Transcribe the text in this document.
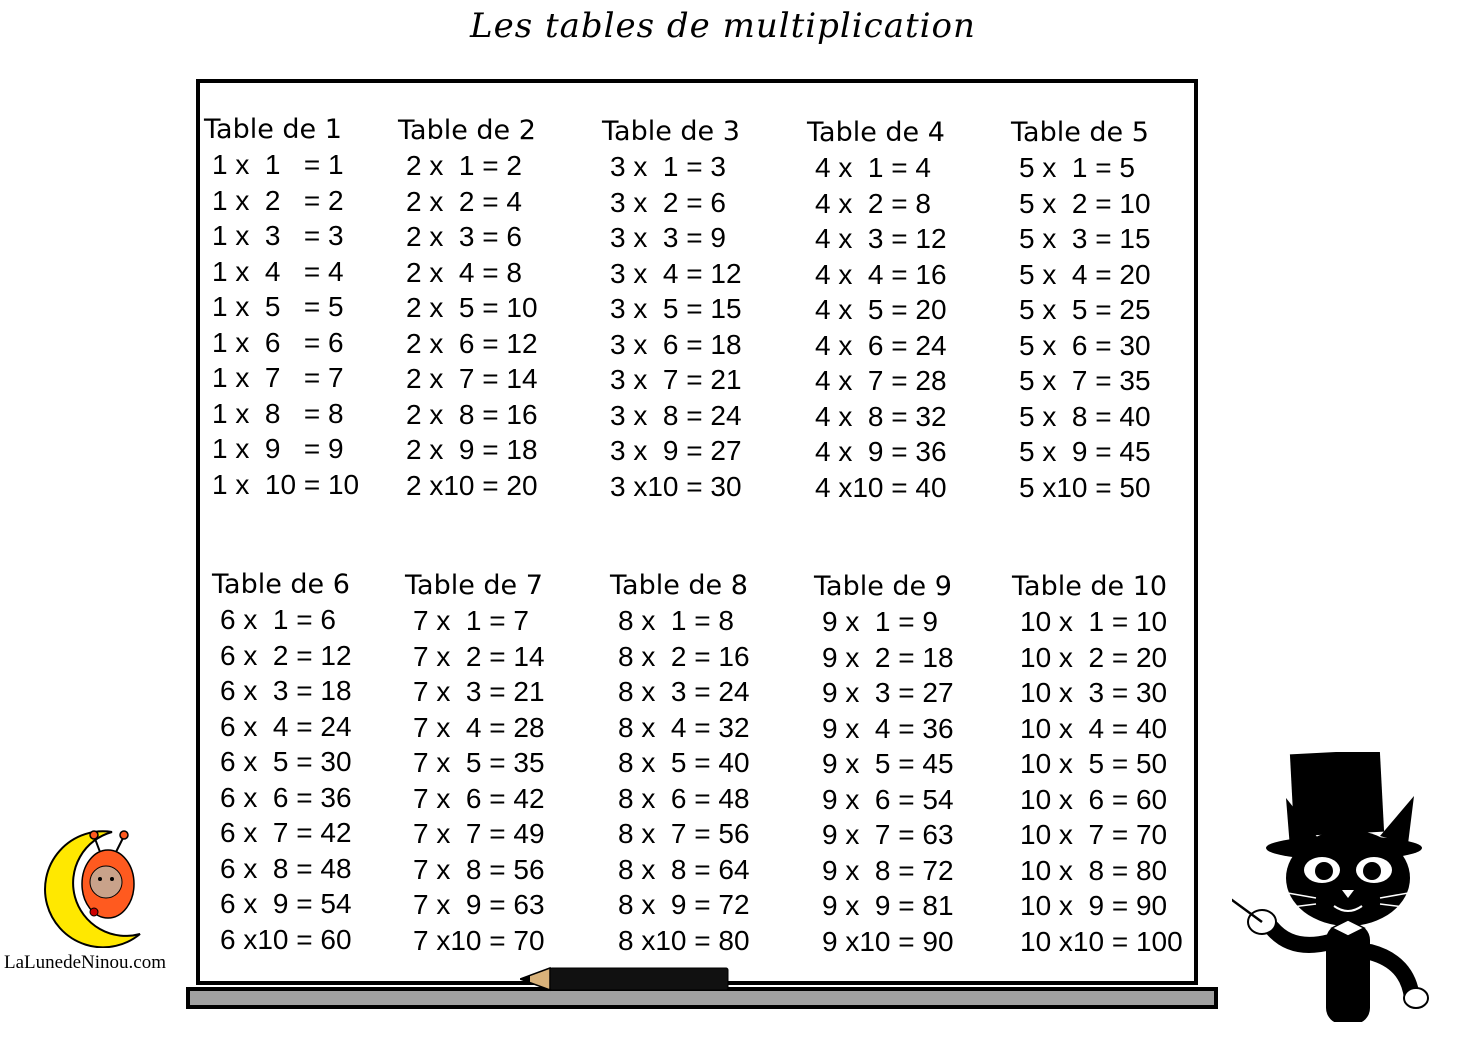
Les tables de multiplication
Table de 1
1 x  1   = 1
1 x  2   = 2
1 x  3   = 3
1 x  4   = 4
1 x  5   = 5
1 x  6   = 6
1 x  7   = 7
1 x  8   = 8
1 x  9   = 9
1 x  10 = 10
Table de 2
2 x  1 = 2
2 x  2 = 4
2 x  3 = 6
2 x  4 = 8
2 x  5 = 10
2 x  6 = 12
2 x  7 = 14
2 x  8 = 16
2 x  9 = 18
2 x10 = 20
Table de 3
3 x  1 = 3
3 x  2 = 6
3 x  3 = 9
3 x  4 = 12
3 x  5 = 15
3 x  6 = 18
3 x  7 = 21
3 x  8 = 24
3 x  9 = 27
3 x10 = 30
Table de 4
4 x  1 = 4
4 x  2 = 8
4 x  3 = 12
4 x  4 = 16
4 x  5 = 20
4 x  6 = 24
4 x  7 = 28
4 x  8 = 32
4 x  9 = 36
4 x10 = 40
Table de 5
5 x  1 = 5
5 x  2 = 10
5 x  3 = 15
5 x  4 = 20
5 x  5 = 25
5 x  6 = 30
5 x  7 = 35
5 x  8 = 40
5 x  9 = 45
5 x10 = 50
Table de 6
6 x  1 = 6
6 x  2 = 12
6 x  3 = 18
6 x  4 = 24
6 x  5 = 30
6 x  6 = 36
6 x  7 = 42
6 x  8 = 48
6 x  9 = 54
6 x10 = 60
Table de 7
7 x  1 = 7
7 x  2 = 14
7 x  3 = 21
7 x  4 = 28
7 x  5 = 35
7 x  6 = 42
7 x  7 = 49
7 x  8 = 56
7 x  9 = 63
7 x10 = 70
Table de 8
8 x  1 = 8
8 x  2 = 16
8 x  3 = 24
8 x  4 = 32
8 x  5 = 40
8 x  6 = 48
8 x  7 = 56
8 x  8 = 64
8 x  9 = 72
8 x10 = 80
Table de 9
9 x  1 = 9
9 x  2 = 18
9 x  3 = 27
9 x  4 = 36
9 x  5 = 45
9 x  6 = 54
9 x  7 = 63
9 x  8 = 72
9 x  9 = 81
9 x10 = 90
Table de 10
10 x  1 = 10
10 x  2 = 20
10 x  3 = 30
10 x  4 = 40
10 x  5 = 50
10 x  6 = 60
10 x  7 = 70
10 x  8 = 80
10 x  9 = 90
10 x10 = 100
LaLunedeNinou.com
